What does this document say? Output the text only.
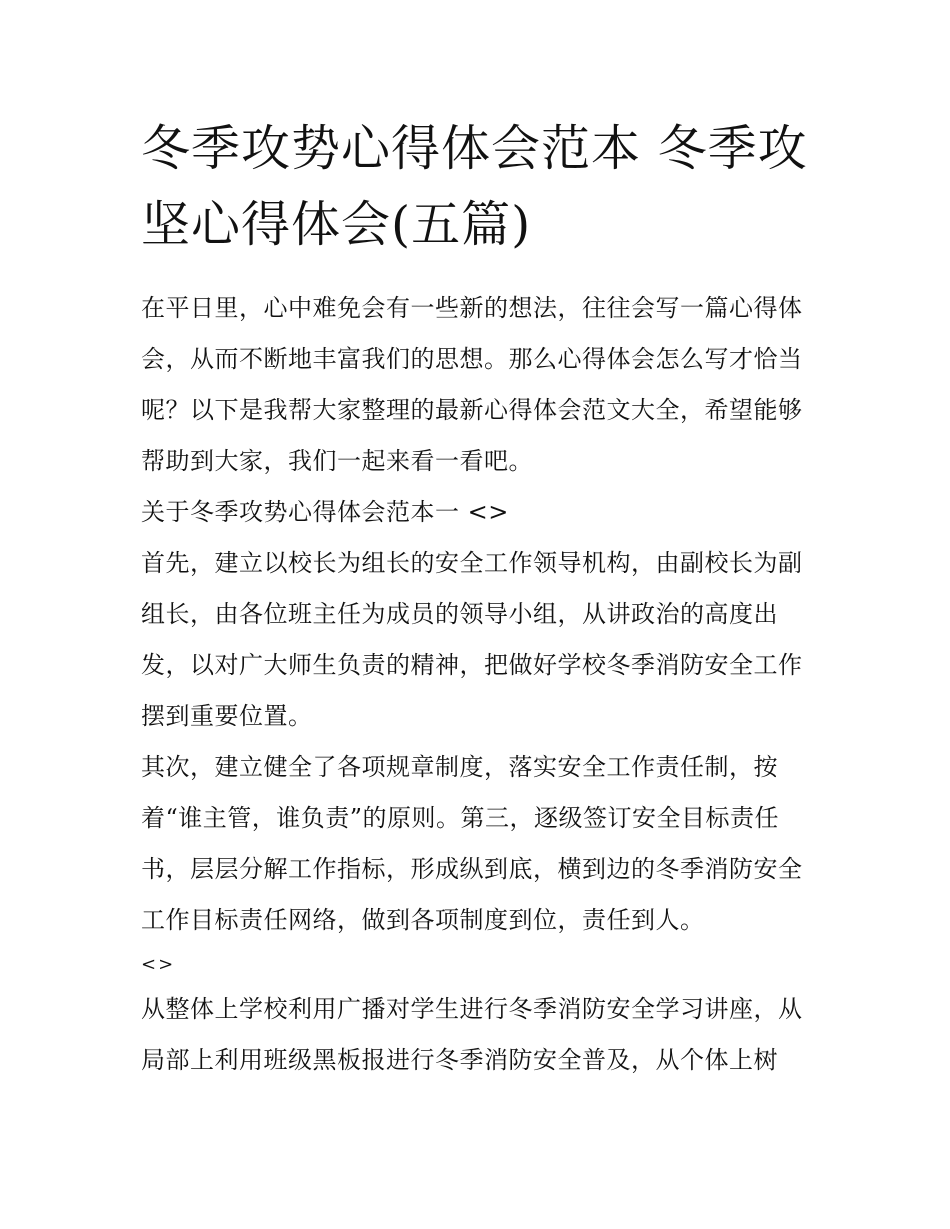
冬季攻势心得体会范本 冬季攻坚心得体会(五篇)

在平日里，心中难免会有一些新的想法，往往会写一篇心得体会，从而不断地丰富我们的思想。那么心得体会怎么写才恰当呢？以下是我帮大家整理的最新心得体会范文大全，希望能够帮助到大家，我们一起来看一看吧。

关于冬季攻势心得体会范本一 <>

首先，建立以校长为组长的安全工作领导机构，由副校长为副组长，由各位班主任为成员的领导小组，从讲政治的高度出发，以对广大师生负责的精神，把做好学校冬季消防安全工作摆到重要位置。

其次，建立健全了各项规章制度，落实安全工作责任制，按着“谁主管，谁负责”的原则。第三，逐级签订安全目标责任书，层层分解工作指标，形成纵到底，横到边的冬季消防安全工作目标责任网络，做到各项制度到位，责任到人。

<>

从整体上学校利用广播对学生进行冬季消防安全学习讲座，从局部上利用班级黑板报进行冬季消防安全普及，从个体上树
